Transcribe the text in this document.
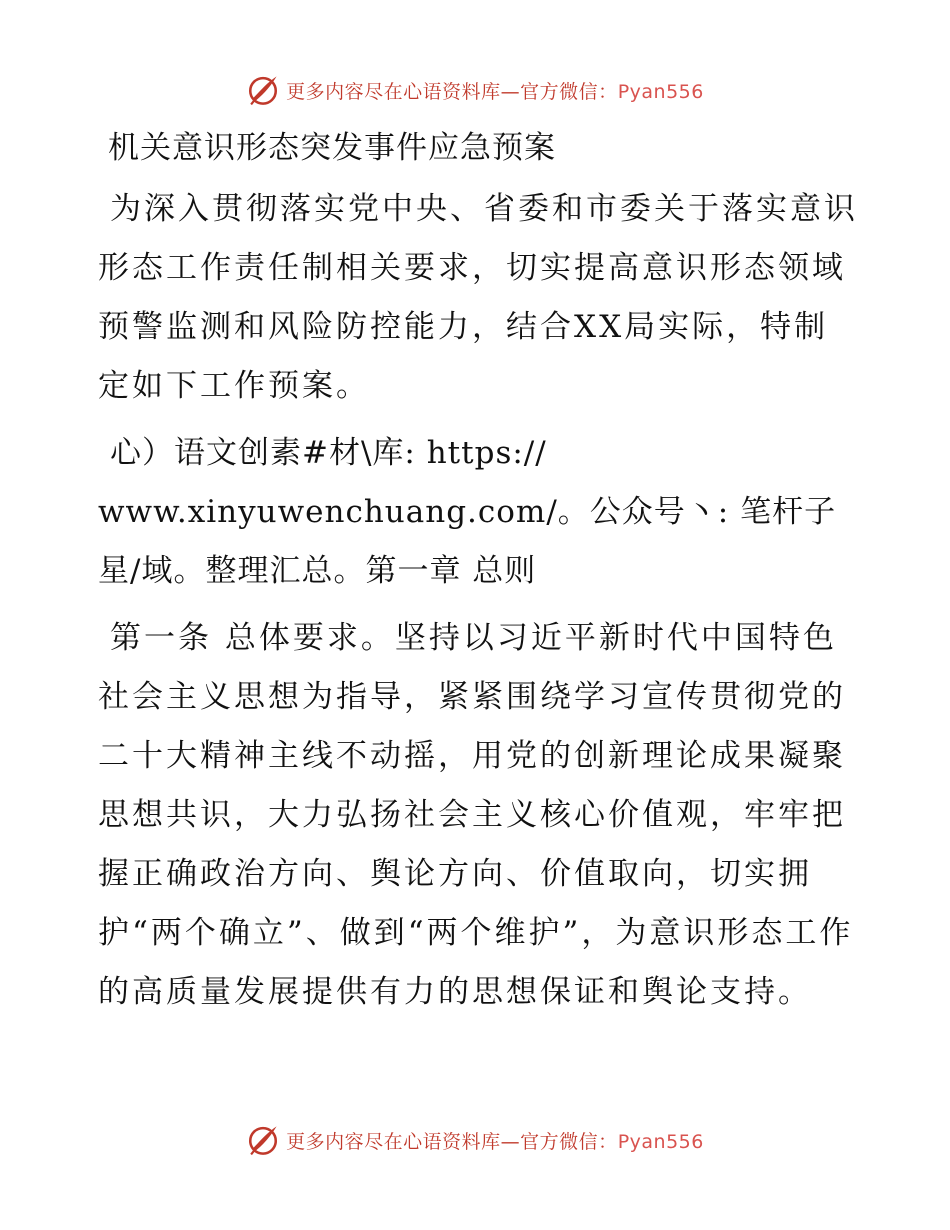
更多内容尽在心语资料库—官方微信：Pyan556
机关意识形态突发事件应急预案

为深入贯彻落实党中央、省委和市委关于落实意识形态工作责任制相关要求，切实提高意识形态领域预警监测和风险防控能力，结合XX局实际，特制定如下工作预案。

心）语文创素#材\库: https:// www.xinyuwenchuang.com/。公众号丶: 笔杆子星/域。整理汇总。第一章 总则

第一条 总体要求。坚持以习近平新时代中国特色社会主义思想为指导，紧紧围绕学习宣传贯彻党的二十大精神主线不动摇，用党的创新理论成果凝聚思想共识，大力弘扬社会主义核心价值观，牢牢把握正确政治方向、舆论方向、价值取向，切实拥护“两个确立”、做到“两个维护”，为意识形态工作的高质量发展提供有力的思想保证和舆论支持。

更多内容尽在心语资料库—官方微信：Pyan556
